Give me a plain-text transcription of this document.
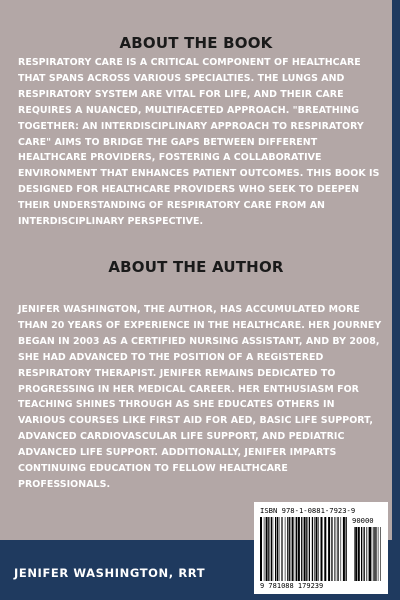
ABOUT THE BOOK
RESPIRATORY CARE IS A CRITICAL COMPONENT OF HEALTHCARE THAT SPANS ACROSS VARIOUS SPECIALTIES. THE LUNGS AND RESPIRATORY SYSTEM ARE VITAL FOR LIFE, AND THEIR CARE REQUIRES A NUANCED, MULTIFACETED APPROACH. "BREATHING TOGETHER: AN INTERDISCIPLINARY APPROACH TO RESPIRATORY CARE" AIMS TO BRIDGE THE GAPS BETWEEN DIFFERENT HEALTHCARE PROVIDERS, FOSTERING A COLLABORATIVE ENVIRONMENT THAT ENHANCES PATIENT OUTCOMES. THIS BOOK IS DESIGNED FOR HEALTHCARE PROVIDERS WHO SEEK TO DEEPEN THEIR UNDERSTANDING OF RESPIRATORY CARE FROM AN INTERDISCIPLINARY PERSPECTIVE.
ABOUT THE AUTHOR
JENIFER WASHINGTON, THE AUTHOR, HAS ACCUMULATED MORE THAN 20 YEARS OF EXPERIENCE IN THE HEALTHCARE. HER JOURNEY BEGAN IN 2003 AS A CERTIFIED NURSING ASSISTANT, AND BY 2008, SHE HAD ADVANCED TO THE POSITION OF A REGISTERED RESPIRATORY THERAPIST. JENIFER REMAINS DEDICATED TO PROGRESSING IN HER MEDICAL CAREER. HER ENTHUSIASM FOR TEACHING SHINES THROUGH AS SHE EDUCATES OTHERS IN VARIOUS COURSES LIKE FIRST AID FOR AED, BASIC LIFE SUPPORT, ADVANCED CARDIOVASCULAR LIFE SUPPORT, AND PEDIATRIC ADVANCED LIFE SUPPORT. ADDITIONALLY, JENIFER IMPARTS CONTINUING EDUCATION TO FELLOW HEALTHCARE PROFESSIONALS.
JENIFER WASHINGTON, RRT
ISBN 978-1-0881-7923-9
90000
9 781088 179239
